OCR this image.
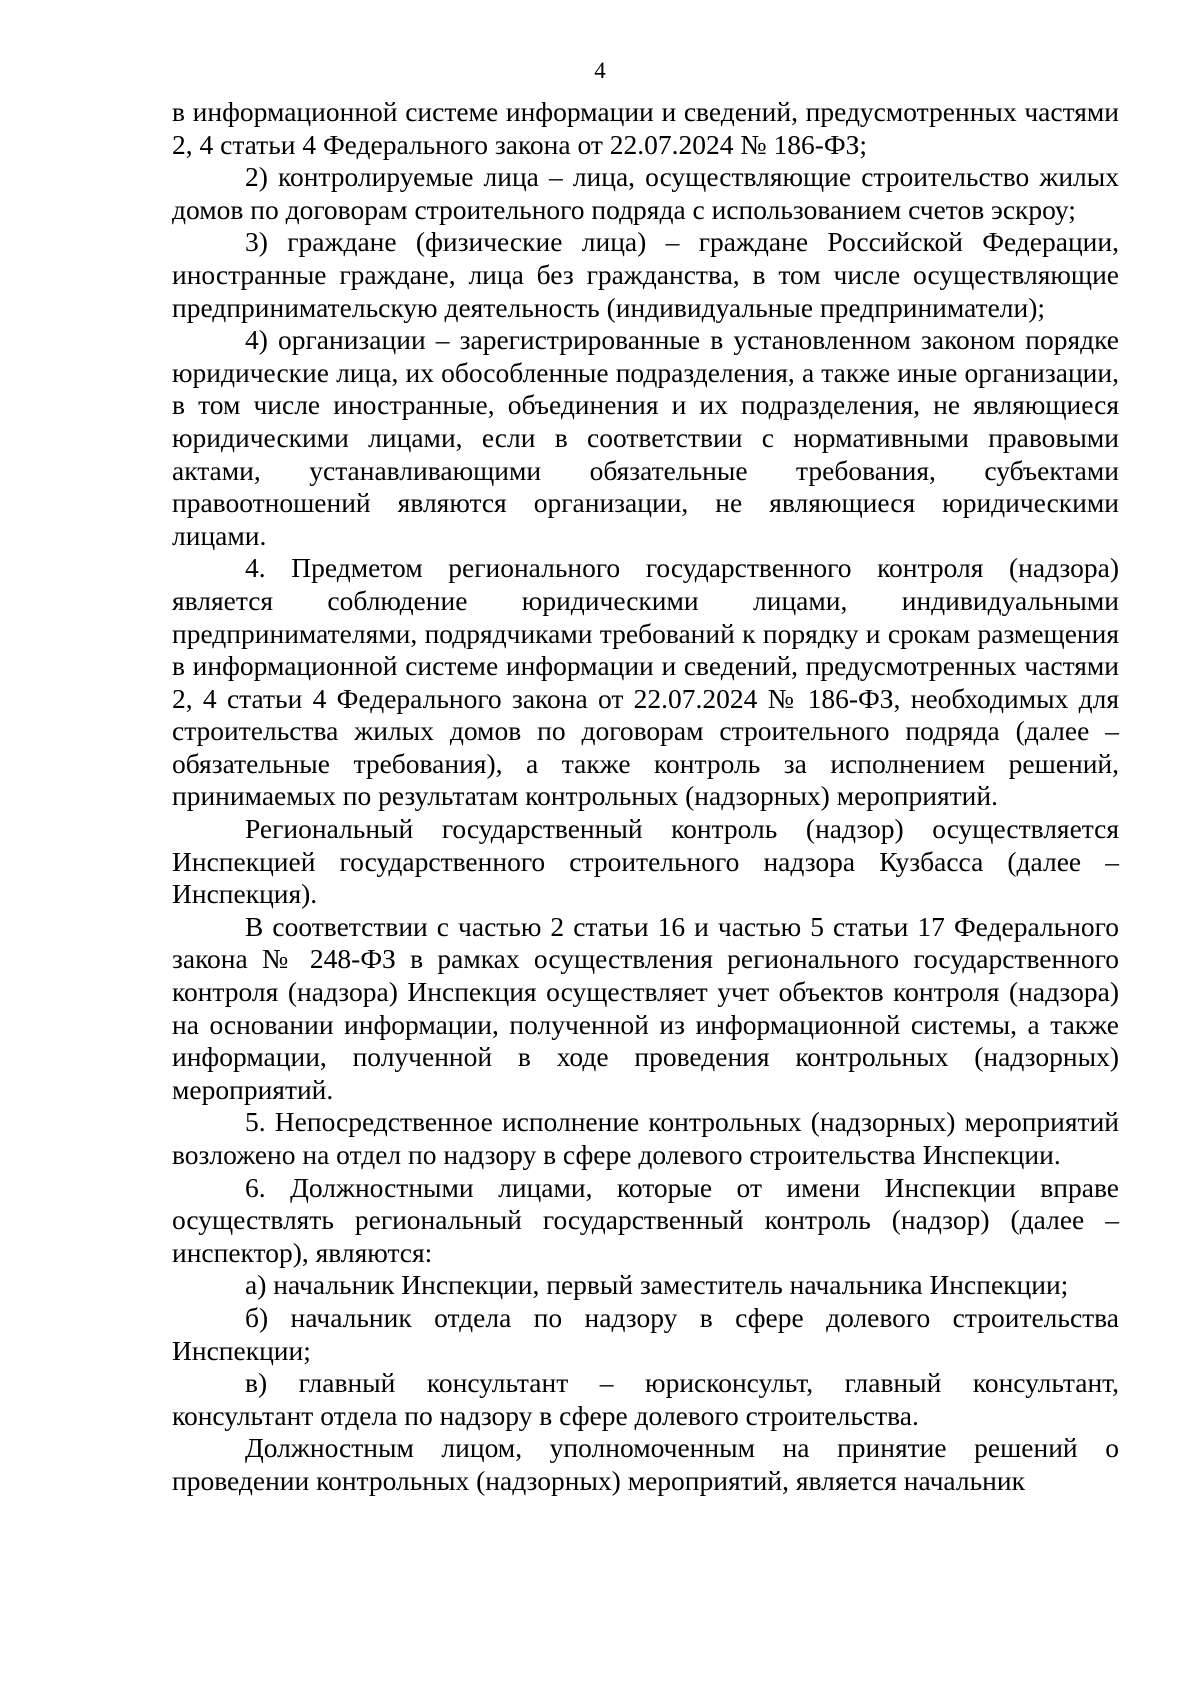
4

в информационной системе информации и сведений, предусмотренных частями 2, 4 статьи 4 Федерального закона от 22.07.2024 № 186-ФЗ;

2) контролируемые лица – лица, осуществляющие строительство жилых домов по договорам строительного подряда с использованием счетов эскроу;

3) граждане (физические лица) – граждане Российской Федерации, иностранные граждане, лица без гражданства, в том числе осуществляющие предпринимательскую деятельность (индивидуальные предприниматели);

4) организации – зарегистрированные в установленном законом порядке юридические лица, их обособленные подразделения, а также иные организации, в том числе иностранные, объединения и их подразделения, не являющиеся юридическими лицами, если в соответствии с нормативными правовыми актами, устанавливающими обязательные требования, субъектами правоотношений являются организации, не являющиеся юридическими лицами.

4. Предметом регионального государственного контроля (надзора) является соблюдение юридическими лицами, индивидуальными предпринимателями, подрядчиками требований к порядку и срокам размещения в информационной системе информации и сведений, предусмотренных частями 2, 4 статьи 4 Федерального закона от 22.07.2024 № 186-ФЗ, необходимых для строительства жилых домов по договорам строительного подряда (далее – обязательные требования), а также контроль за исполнением решений, принимаемых по результатам контрольных (надзорных) мероприятий.

Региональный государственный контроль (надзор) осуществляется Инспекцией государственного строительного надзора Кузбасса (далее – Инспекция).

В соответствии с частью 2 статьи 16 и частью 5 статьи 17 Федерального закона № 248-ФЗ в рамках осуществления регионального государственного контроля (надзора) Инспекция осуществляет учет объектов контроля (надзора) на основании информации, полученной из информационной системы, а также информации, полученной в ходе проведения контрольных (надзорных) мероприятий.

5. Непосредственное исполнение контрольных (надзорных) мероприятий возложено на отдел по надзору в сфере долевого строительства Инспекции.

6. Должностными лицами, которые от имени Инспекции вправе осуществлять региональный государственный контроль (надзор) (далее – инспектор), являются:

а) начальник Инспекции, первый заместитель начальника Инспекции;

б) начальник отдела по надзору в сфере долевого строительства Инспекции;

в) главный консультант – юрисконсульт, главный консультант, консультант отдела по надзору в сфере долевого строительства.

Должностным лицом, уполномоченным на принятие решений о проведении контрольных (надзорных) мероприятий, является начальник
